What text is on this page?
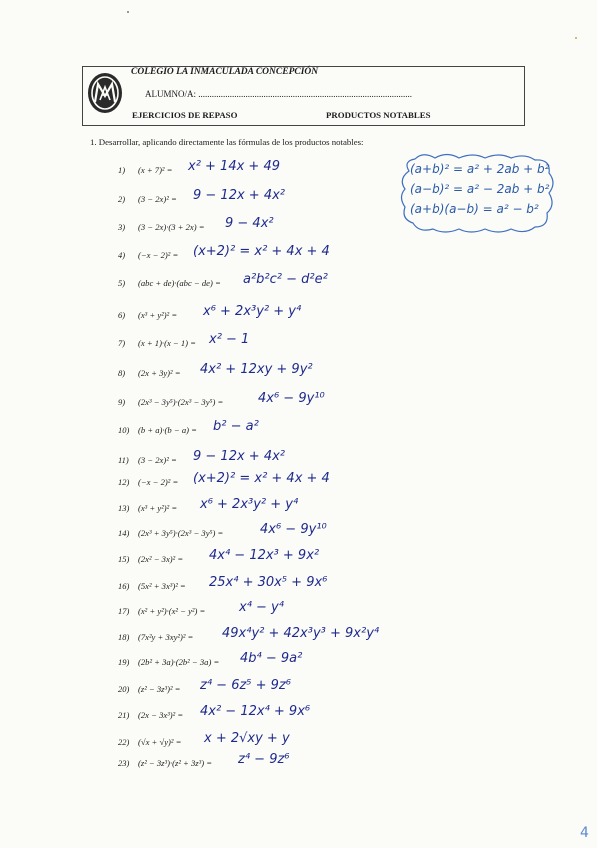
COLEGIO LA INMACULADA CONCEPCIÓN
ALUMNO/A: ...............................................................................................
EJERCICIOS DE REPASO	PRODUCTOS NOTABLES
1. Desarrollar, aplicando directamente las fórmulas de los productos notables:
(a+b)² = a² + 2ab + b²
(a−b)² = a² − 2ab + b²
(a+b)(a−b) = a² − b²
1) (x + 7)² = x² + 14x + 49
2) (3 − 2x)² = 9 − 12x + 4x²
3) (3 − 2x)·(3 + 2x) = 9 − 4x²
4) (−x − 2)² = (x+2)² = x² + 4x + 4
5) (abc + de)·(abc − de) = a²b²c² − d²e²
6) (x³ + y²)² = x⁶ + 2x³y² + y⁴
7) (x + 1)·(x − 1) = x² − 1
8) (2x + 3y)² = 4x² + 12xy + 9y²
9) (2x³ − 3y⁵)·(2x³ − 3y⁵) =	4x⁶ − 9y¹⁰
10) (b + a)·(b − a) = b² − a²
11) (3 − 2x)² = 9 − 12x + 4x²
12) (−x − 2)² = (x+2)² = x² + 4x + 4
13) (x³ + y²)² = x⁶ + 2x³y² + y⁴
14) (2x³ + 3y⁵)·(2x³ − 3y⁵) =	4x⁶ − 9y¹⁰
15) (2x² − 3x)² = 4x⁴ − 12x³ + 9x²
16) (5x² + 3x³)² = 25x⁴ + 30x⁵ + 9x⁶
17) (x² + y²)·(x² − y²) =	x⁴ − y⁴
18) (7x²y + 3xy²)² = 49x⁴y² + 42x³y³ + 9x²y⁴
19) (2b² + 3a)·(2b² − 3a) = 4b⁴ − 9a²
20) (z² − 3z³)² = z⁴ − 6z⁵ + 9z⁶
21) (2x − 3x³)² = 4x² − 12x⁴ + 9x⁶
22) (√x + √y)² = x + 2√xy + y
23) (z² − 3z³)·(z² + 3z³) = z⁴ − 9z⁶
4
